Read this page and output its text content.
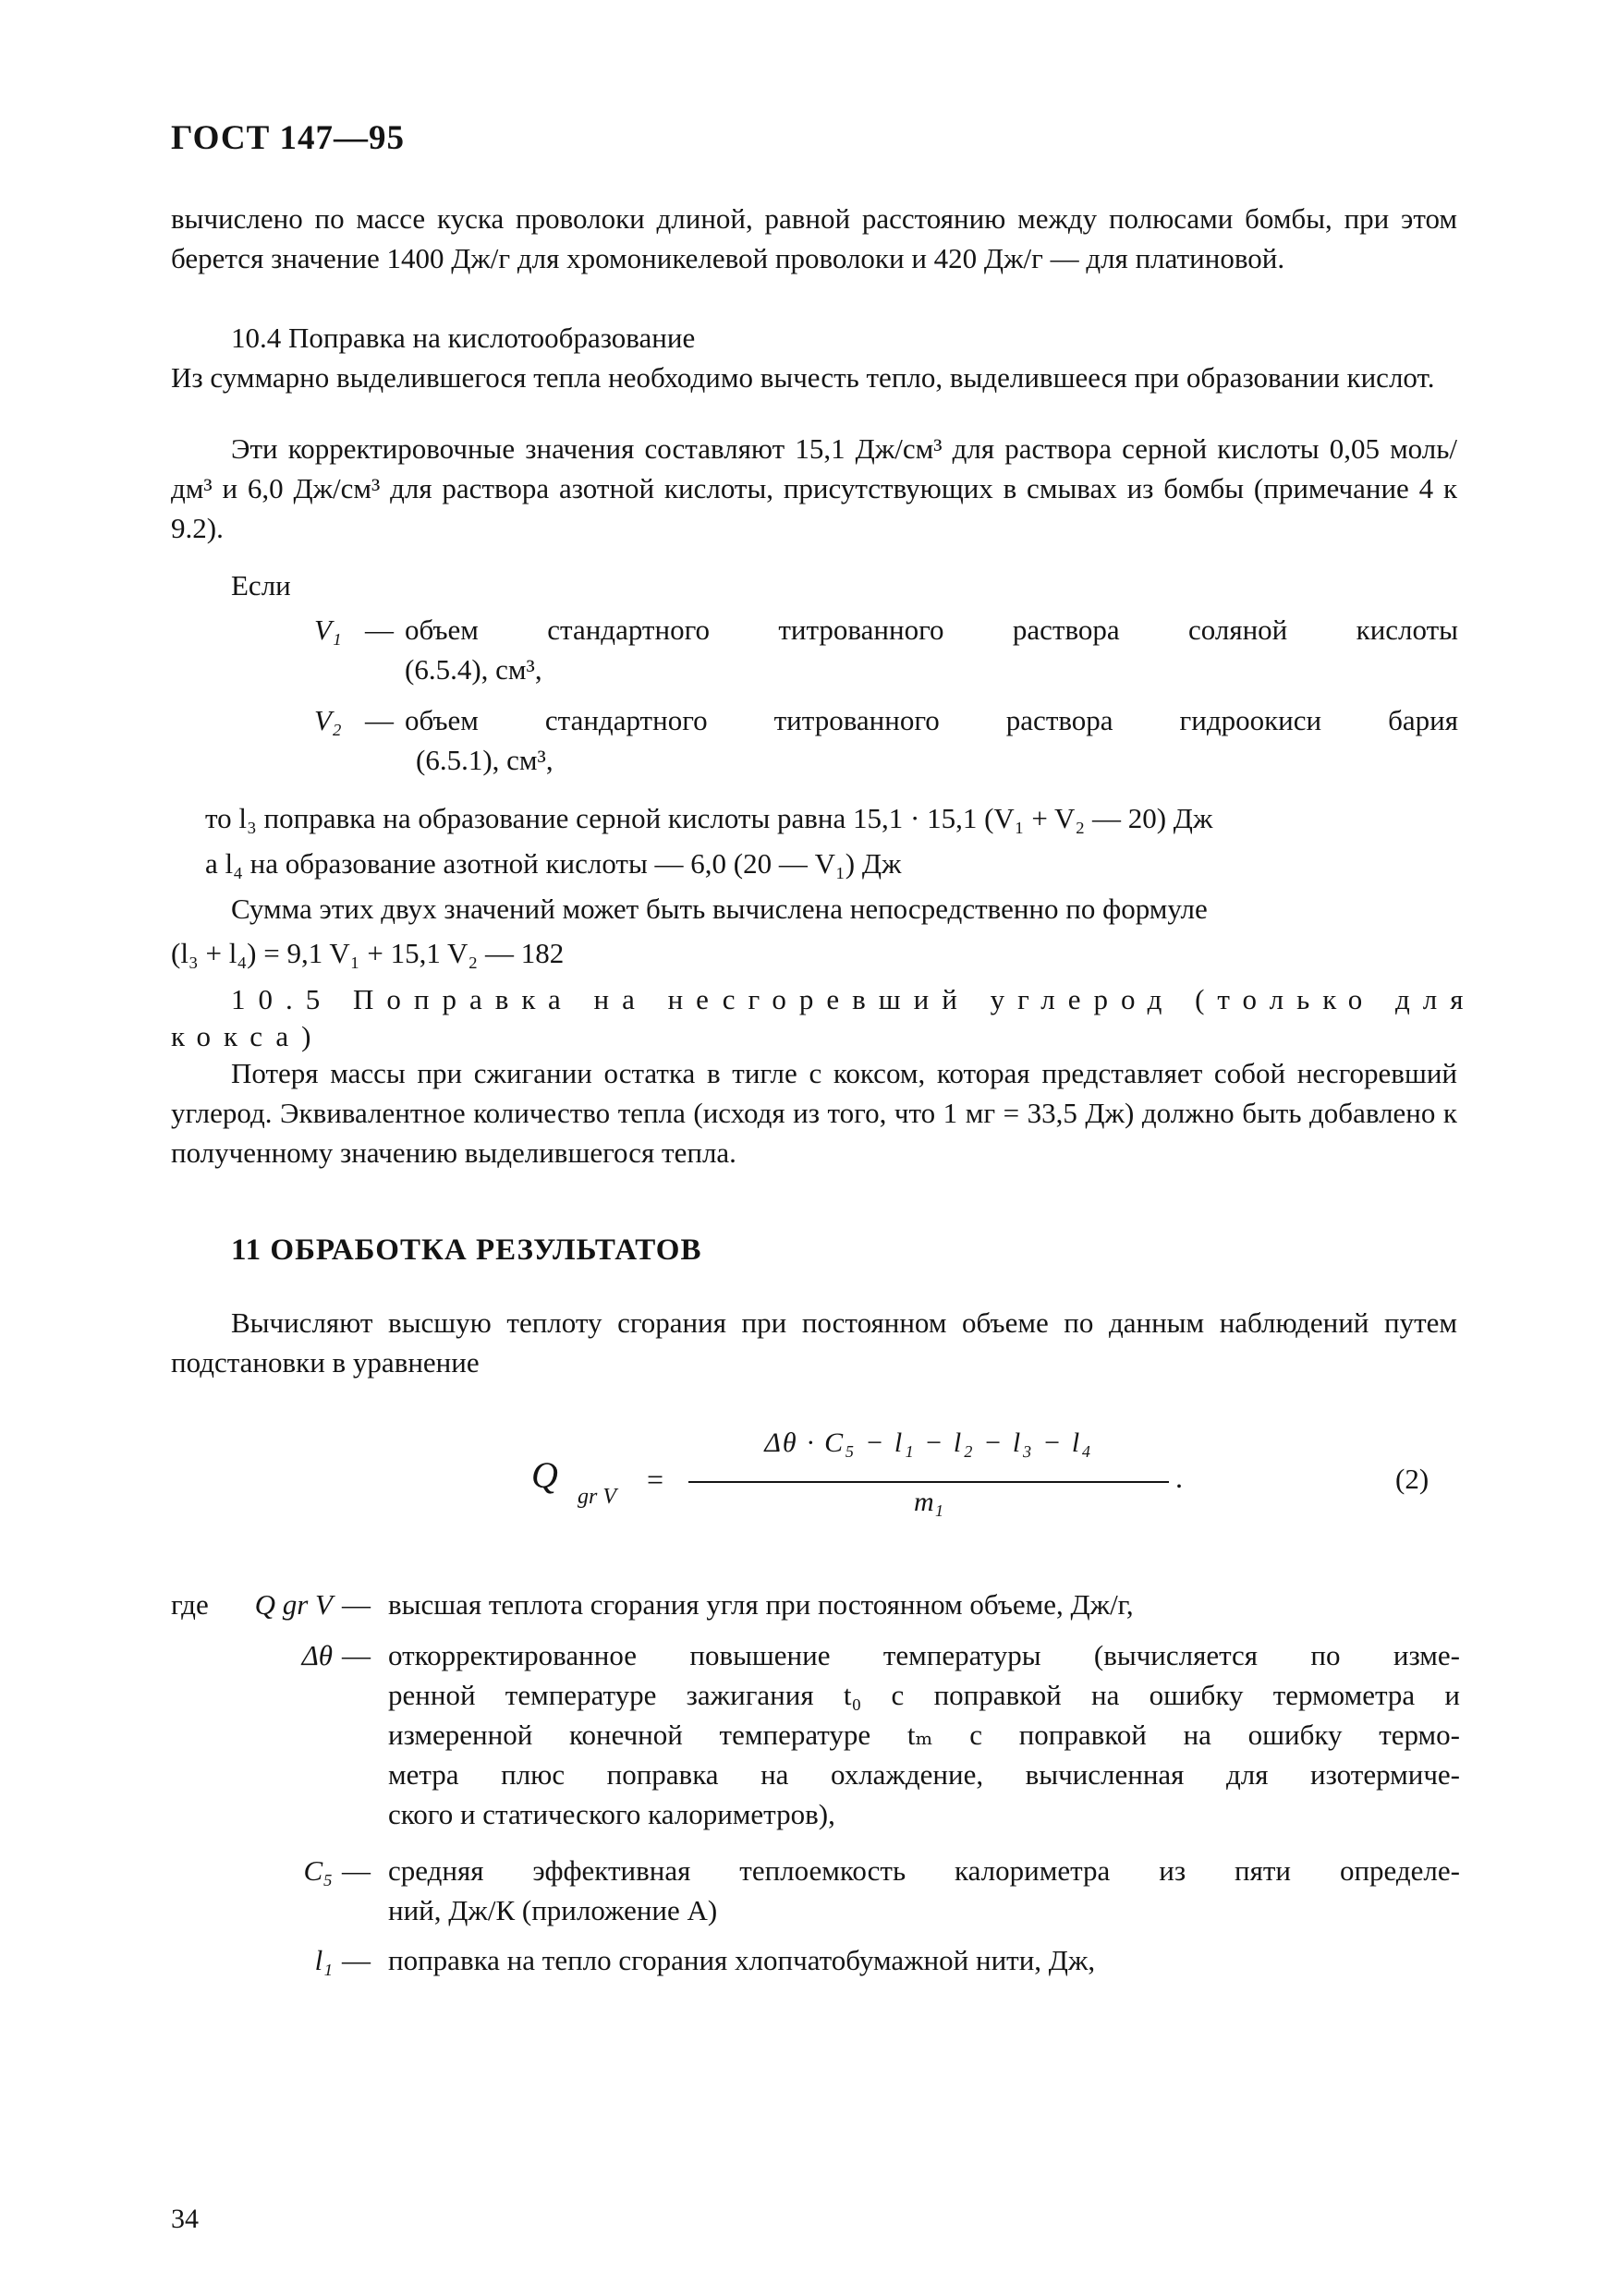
ГОСТ 147—95
вычислено по массе куска проволоки длиной, равной расстоянию между полюсами бомбы, при этом берется значение 1400 Дж/г для хромоникелевой проволоки и 420 Дж/г — для платиновой.
10.4 Поправка на кислотообразование
Из суммарно выделившегося тепла необходимо вычесть тепло, выделившееся при образовании кислот.
Эти корректировочные значения составляют 15,1 Дж/см³ для раствора серной кислоты 0,05 моль/дм³ и 6,0 Дж/см³ для раствора азотной кислоты, присутствующих в смывах из бомбы (примечание 4 к 9.2).
Если
V₁ — объем стандартного титрованного раствора соляной кислоты
(6.5.4), см³,
V₂ — объем стандартного титрованного раствора гидроокиси бария
(6.5.1), см³,
то l₃ поправка на образование серной кислоты равна 15,1 · 15,1 (V₁ + V₂ — 20) Дж
а l₄ на образование азотной кислоты — 6,0 (20 — V₁) Дж
Сумма этих двух значений может быть вычислена непосредственно по формуле
(l₃ + l₄) = 9,1 V₁ + 15,1 V₂ — 182
10.5 Поправка на несгоревший углерод (только для
кокса)
Потеря массы при сжигании остатка в тигле с коксом, которая представляет собой несгоревший углерод. Эквивалентное количество тепла (исходя из того, что 1 мг = 33,5 Дж) должно быть добавлено к полученному значению выделившегося тепла.
11 ОБРАБОТКА РЕЗУЛЬТАТОВ
Вычисляют высшую теплоту сгорания при постоянном объеме по данным наблюдений путем подстановки в уравнение
Q
gr V
=
Δθ · C₅ − l₁ − l₂ − l₃ − l₄
m₁
.	(2)
где	Q gr V — высшая теплота сгорания угля при постоянном объеме, Дж/г,
Δθ — откорректированное повышение температуры (вычисляется по изме-
ренной температуре зажигания t₀ с поправкой на ошибку термометра и
измеренной конечной температуре tₘ с поправкой на ошибку термо-
метра плюс поправка на охлаждение, вычисленная для изотермиче-
ского и статического калориметров),
C₅ — средняя эффективная теплоемкость калориметра из пяти определе-
ний, Дж/К (приложение А)
l₁ — поправка на тепло сгорания хлопчатобумажной нити, Дж,
34
